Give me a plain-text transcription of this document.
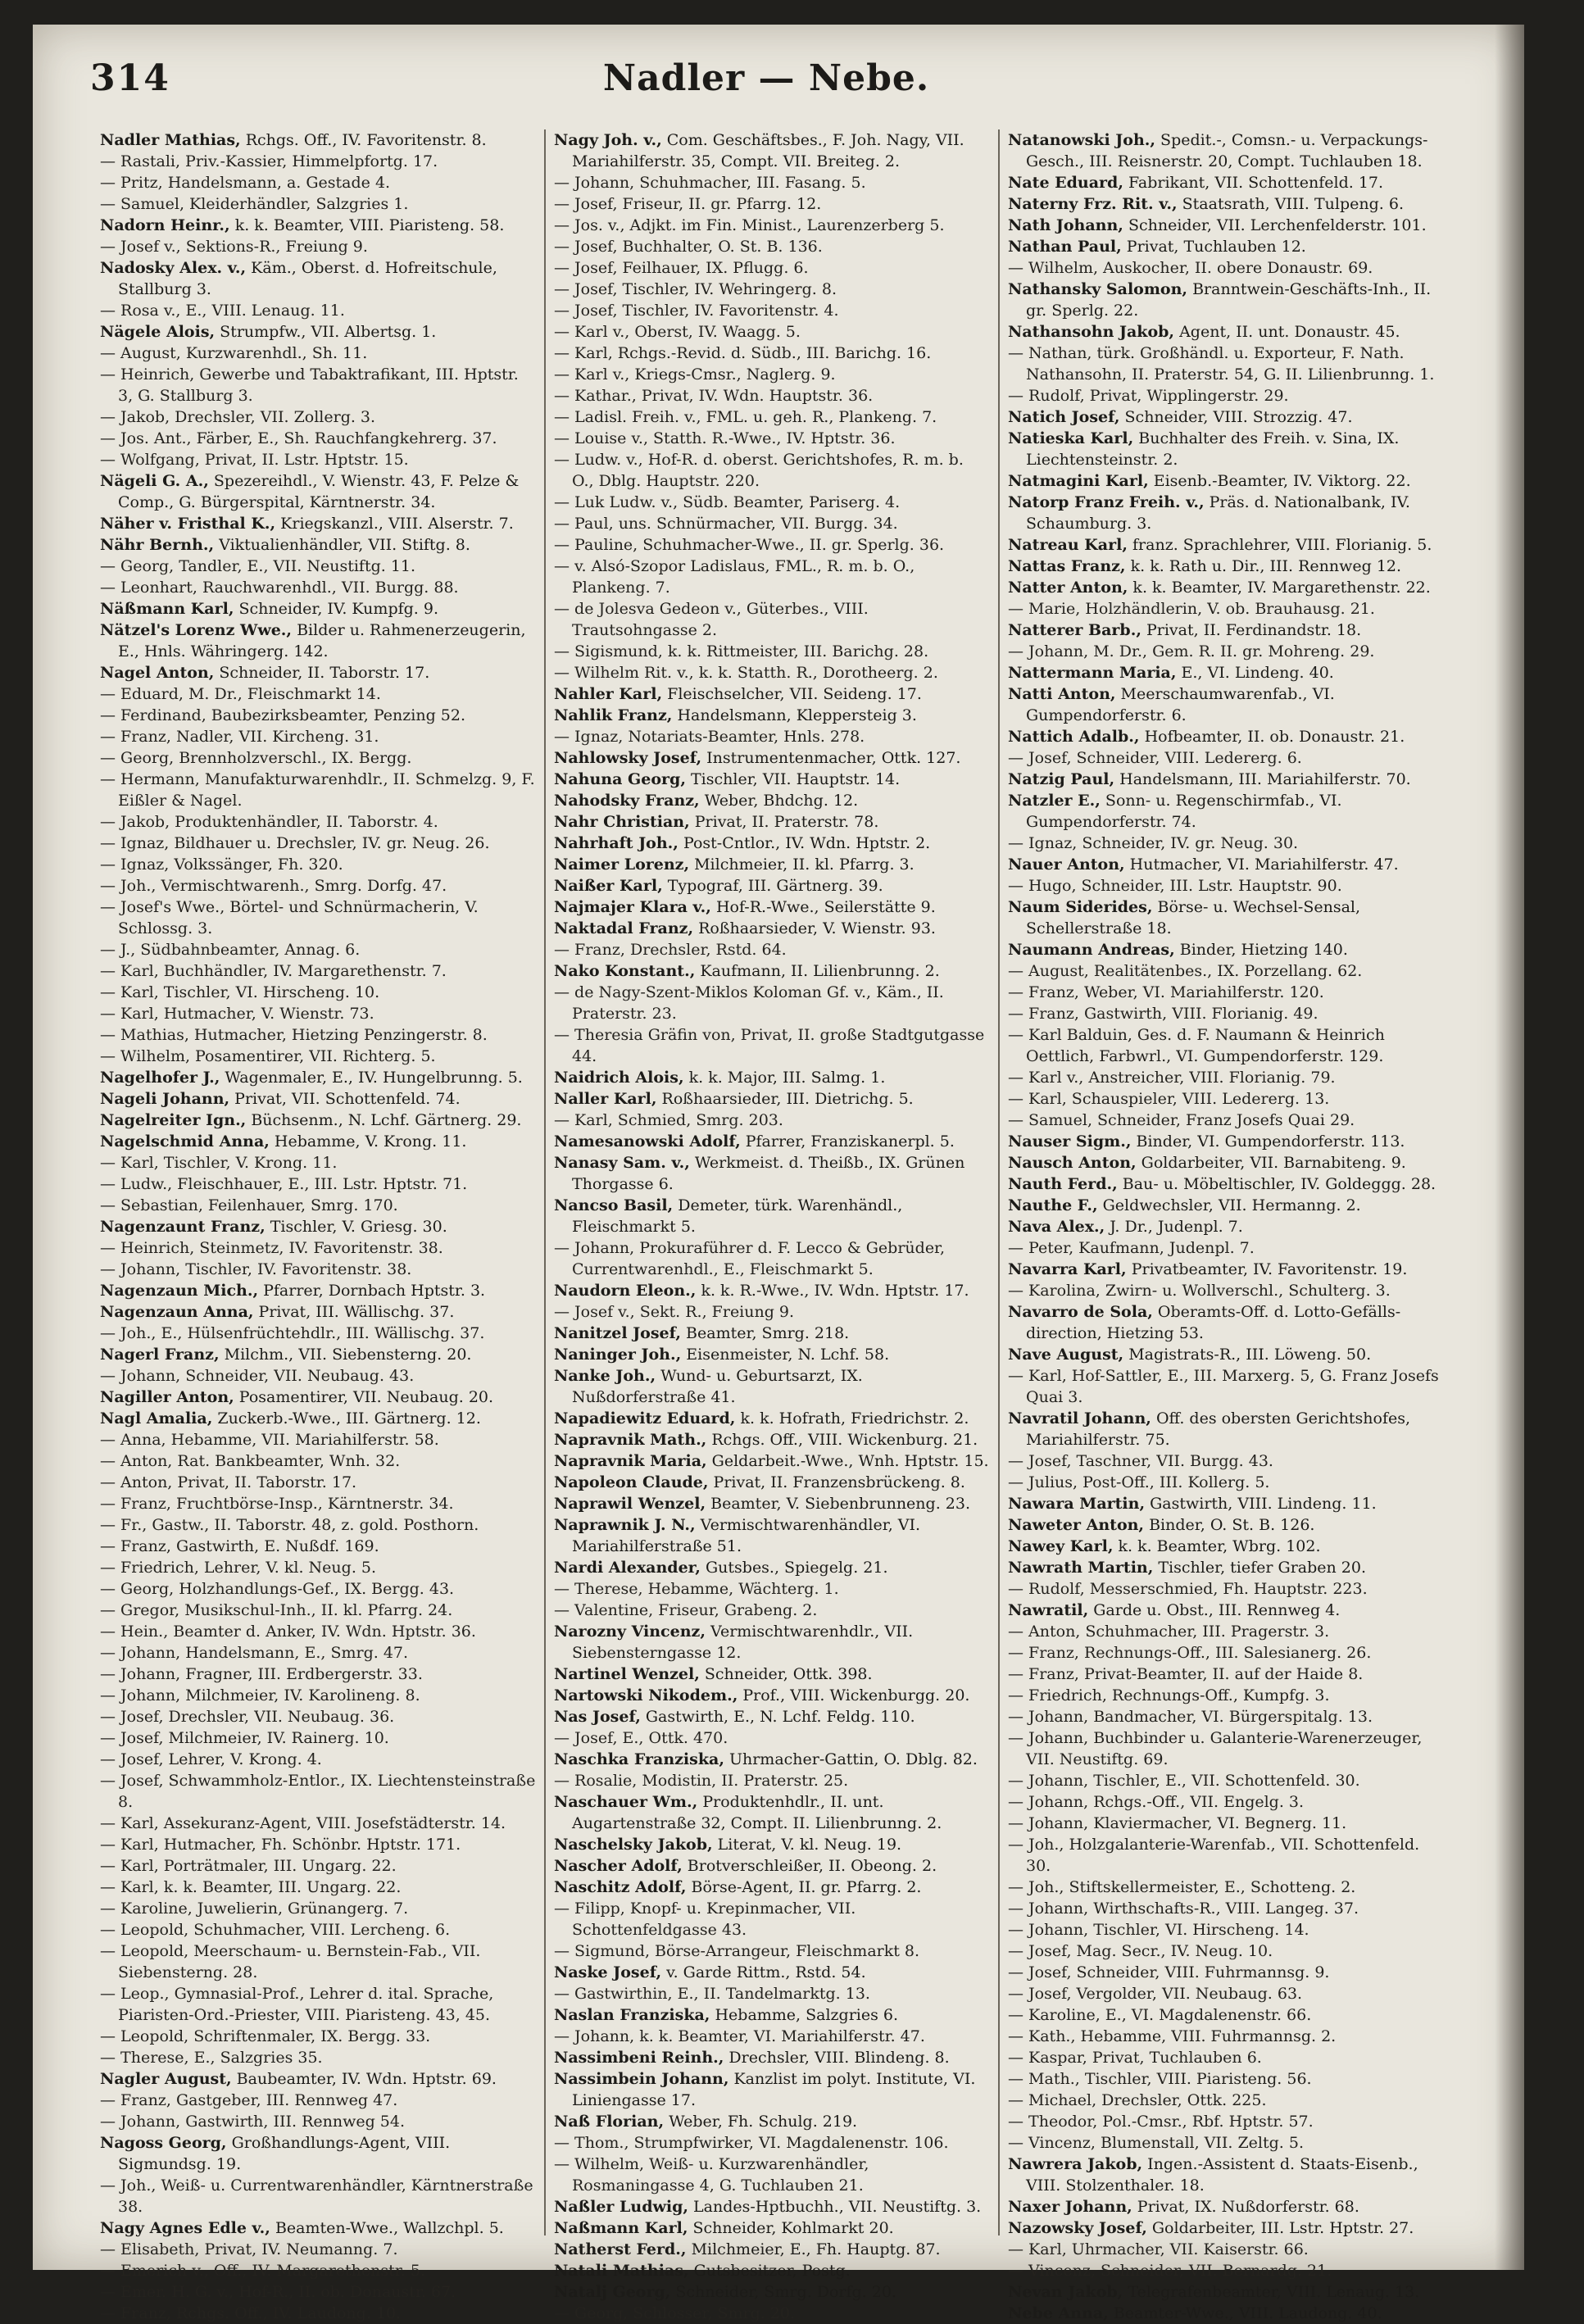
314	Nadler — Nebe.
Nadler Mathias, Rchgs. Off., IV. Favoritenstr. 8.
— Rastali, Priv.-Kassier, Himmelpfortg. 17.
— Pritz, Handelsmann, a. Gestade 4.
— Samuel, Kleiderhändler, Salzgries 1.
Nadorn Heinr., k. k. Beamter, VIII. Piaristeng. 58.
— Josef v., Sektions-R., Freiung 9.
Nadosky Alex. v., Käm., Oberst. d. Hofreitschule, Stallburg 3.
— Rosa v., E., VIII. Lenaug. 11.
Nägele Alois, Strumpfw., VII. Albertsg. 1.
— August, Kurzwarenhdl., Sh. 11.
— Heinrich, Gewerbe und Tabaktrafikant, III. Hptstr. 3, G. Stallburg 3.
— Jakob, Drechsler, VII. Zollerg. 3.
— Jos. Ant., Färber, E., Sh. Rauchfangkehrerg. 37.
— Wolfgang, Privat, II. Lstr. Hptstr. 15.
Nägeli G. A., Spezereihdl., V. Wienstr. 43, F. Pelze & Comp., G. Bürgerspital, Kärntnerstr. 34.
Näher v. Fristhal K., Kriegskanzl., VIII. Alserstr. 7.
Nähr Bernh., Viktualienhändler, VII. Stiftg. 8.
— Georg, Tandler, E., VII. Neustiftg. 11.
— Leonhart, Rauchwarenhdl., VII. Burgg. 88.
Näßmann Karl, Schneider, IV. Kumpfg. 9.
Nätzel's Lorenz Wwe., Bilder u. Rahmenerzeugerin, E., Hnls. Währingerg. 142.
Nagel Anton, Schneider, II. Taborstr. 17.
— Eduard, M. Dr., Fleischmarkt 14.
— Ferdinand, Baubezirksbeamter, Penzing 52.
— Franz, Nadler, VII. Kircheng. 31.
— Georg, Brennholzverschl., IX. Bergg.
— Hermann, Manufakturwarenhdlr., II. Schmelzg. 9, F. Eißler & Nagel.
— Jakob, Produktenhändler, II. Taborstr. 4.
— Ignaz, Bildhauer u. Drechsler, IV. gr. Neug. 26.
— Ignaz, Volkssänger, Fh. 320.
— Joh., Vermischtwarenh., Smrg. Dorfg. 47.
— Josef's Wwe., Börtel- und Schnürmacherin, V. Schlossg. 3.
— J., Südbahnbeamter, Annag. 6.
— Karl, Buchhändler, IV. Margarethenstr. 7.
— Karl, Tischler, VI. Hirscheng. 10.
— Karl, Hutmacher, V. Wienstr. 73.
— Mathias, Hutmacher, Hietzing Penzingerstr. 8.
— Wilhelm, Posamentirer, VII. Richterg. 5.
Nagelhofer J., Wagenmaler, E., IV. Hungelbrunng. 5.
Nageli Johann, Privat, VII. Schottenfeld. 74.
Nagelreiter Ign., Büchsenm., N. Lchf. Gärtnerg. 29.
Nagelschmid Anna, Hebamme, V. Krong. 11.
— Karl, Tischler, V. Krong. 11.
— Ludw., Fleischhauer, E., III. Lstr. Hptstr. 71.
— Sebastian, Feilenhauer, Smrg. 170.
Nagenzaunt Franz, Tischler, V. Griesg. 30.
— Heinrich, Steinmetz, IV. Favoritenstr. 38.
— Johann, Tischler, IV. Favoritenstr. 38.
Nagenzaun Mich., Pfarrer, Dornbach Hptstr. 3.
Nagenzaun Anna, Privat, III. Wällischg. 37.
— Joh., E., Hülsenfrüchtehdlr., III. Wällischg. 37.
Nagerl Franz, Milchm., VII. Siebensterng. 20.
— Johann, Schneider, VII. Neubaug. 43.
Nagiller Anton, Posamentirer, VII. Neubaug. 20.
Nagl Amalia, Zuckerb.-Wwe., III. Gärtnerg. 12.
— Anna, Hebamme, VII. Mariahilferstr. 58.
— Anton, Rat. Bankbeamter, Wnh. 32.
— Anton, Privat, II. Taborstr. 17.
— Franz, Fruchtbörse-Insp., Kärntnerstr. 34.
— Fr., Gastw., II. Taborstr. 48, z. gold. Posthorn.
— Franz, Gastwirth, E. Nußdf. 169.
— Friedrich, Lehrer, V. kl. Neug. 5.
— Georg, Holzhandlungs-Gef., IX. Bergg. 43.
— Gregor, Musikschul-Inh., II. kl. Pfarrg. 24.
— Hein., Beamter d. Anker, IV. Wdn. Hptstr. 36.
— Johann, Handelsmann, E., Smrg. 47.
— Johann, Fragner, III. Erdbergerstr. 33.
— Johann, Milchmeier, IV. Karolineng. 8.
— Josef, Drechsler, VII. Neubaug. 36.
— Josef, Milchmeier, IV. Rainerg. 10.
— Josef, Lehrer, V. Krong. 4.
— Josef, Schwammholz-Entlor., IX. Liechtensteinstraße 8.
— Karl, Assekuranz-Agent, VIII. Josefstädterstr. 14.
— Karl, Hutmacher, Fh. Schönbr. Hptstr. 171.
— Karl, Porträtmaler, III. Ungarg. 22.
— Karl, k. k. Beamter, III. Ungarg. 22.
— Karoline, Juwelierin, Grünangerg. 7.
— Leopold, Schuhmacher, VIII. Lercheng. 6.
— Leopold, Meerschaum- u. Bernstein-Fab., VII. Siebensterng. 28.
— Leop., Gymnasial-Prof., Lehrer d. ital. Sprache, Piaristen-Ord.-Priester, VIII. Piaristeng. 43, 45.
— Leopold, Schriftenmaler, IX. Bergg. 33.
— Therese, E., Salzgries 35.
Nagler August, Baubeamter, IV. Wdn. Hptstr. 69.
— Franz, Gastgeber, III. Rennweg 47.
— Johann, Gastwirth, III. Rennweg 54.
Nagoss Georg, Großhandlungs-Agent, VIII. Sigmundsg. 19.
— Joh., Weiß- u. Currentwarenhändler, Kärntnerstraße 38.
Nagy Agnes Edle v., Beamten-Wwe., Wallzchpl. 5.
— Elisabeth, Privat, IV. Neumanng. 7.
— Emerich v., Off., IV. Margarethenstr. 5.
— Emer. H. G. v., Hof-R., II. ob. Donaustr. 67.
— Franz, Rchgs. Off., IV. Laudong. 10.
Nagy Joh. v., Com. Geschäftsbes., F. Joh. Nagy, VII. Mariahilferstr. 35, Compt. VII. Breiteg. 2.
— Johann, Schuhmacher, III. Fasang. 5.
— Josef, Friseur, II. gr. Pfarrg. 12.
— Jos. v., Adjkt. im Fin. Minist., Laurenzerberg 5.
— Josef, Buchhalter, O. St. B. 136.
— Josef, Feilhauer, IX. Pflugg. 6.
— Josef, Tischler, IV. Wehringerg. 8.
— Josef, Tischler, IV. Favoritenstr. 4.
— Karl v., Oberst, IV. Waagg. 5.
— Karl, Rchgs.-Revid. d. Südb., III. Barichg. 16.
— Karl v., Kriegs-Cmsr., Naglerg. 9.
— Kathar., Privat, IV. Wdn. Hauptstr. 36.
— Ladisl. Freih. v., FML. u. geh. R., Plankeng. 7.
— Louise v., Statth. R.-Wwe., IV. Hptstr. 36.
— Ludw. v., Hof-R. d. oberst. Gerichtshofes, R. m. b. O., Dblg. Hauptstr. 220.
— Luk Ludw. v., Südb. Beamter, Pariserg. 4.
— Paul, uns. Schnürmacher, VII. Burgg. 34.
— Pauline, Schuhmacher-Wwe., II. gr. Sperlg. 36.
— v. Alsó-Szopor Ladislaus, FML., R. m. b. O., Plankeng. 7.
— de Jolesva Gedeon v., Güterbes., VIII. Trautsohngasse 2.
— Sigismund, k. k. Rittmeister, III. Barichg. 28.
— Wilhelm Rit. v., k. k. Statth. R., Dorotheerg. 2.
Nahler Karl, Fleischselcher, VII. Seideng. 17.
Nahlik Franz, Handelsmann, Kleppersteig 3.
— Ignaz, Notariats-Beamter, Hnls. 278.
Nahlowsky Josef, Instrumentenmacher, Ottk. 127.
Nahuna Georg, Tischler, VII. Hauptstr. 14.
Nahodsky Franz, Weber, Bhdchg. 12.
Nahr Christian, Privat, II. Praterstr. 78.
Nahrhaft Joh., Post-Cntlor., IV. Wdn. Hptstr. 2.
Naimer Lorenz, Milchmeier, II. kl. Pfarrg. 3.
Naißer Karl, Typograf, III. Gärtnerg. 39.
Najmajer Klara v., Hof-R.-Wwe., Seilerstätte 9.
Naktadal Franz, Roßhaarsieder, V. Wienstr. 93.
— Franz, Drechsler, Rstd. 64.
Nako Konstant., Kaufmann, II. Lilienbrunng. 2.
— de Nagy-Szent-Miklos Koloman Gf. v., Käm., II. Praterstr. 23.
— Theresia Gräfin von, Privat, II. große Stadtgutgasse 44.
Naidrich Alois, k. k. Major, III. Salmg. 1.
Naller Karl, Roßhaarsieder, III. Dietrichg. 5.
— Karl, Schmied, Smrg. 203.
Namesanowski Adolf, Pfarrer, Franziskanerpl. 5.
Nanasy Sam. v., Werkmeist. d. Theißb., IX. Grünen Thorgasse 6.
Nancso Basil, Demeter, türk. Warenhändl., Fleischmarkt 5.
— Johann, Prokuraführer d. F. Lecco & Gebrüder, Currentwarenhdl., E., Fleischmarkt 5.
Naudorn Eleon., k. k. R.-Wwe., IV. Wdn. Hptstr. 17.
— Josef v., Sekt. R., Freiung 9.
Nanitzel Josef, Beamter, Smrg. 218.
Naninger Joh., Eisenmeister, N. Lchf. 58.
Nanke Joh., Wund- u. Geburtsarzt, IX. Nußdorferstraße 41.
Napadiewitz Eduard, k. k. Hofrath, Friedrichstr. 2.
Napravnik Math., Rchgs. Off., VIII. Wickenburg. 21.
Napravnik Maria, Geldarbeit.-Wwe., Wnh. Hptstr. 15.
Napoleon Claude, Privat, II. Franzensbrückeng. 8.
Naprawil Wenzel, Beamter, V. Siebenbrunneng. 23.
Naprawnik J. N., Vermischtwarenhändler, VI. Mariahilferstraße 51.
Nardi Alexander, Gutsbes., Spiegelg. 21.
— Therese, Hebamme, Wächterg. 1.
— Valentine, Friseur, Grabeng. 2.
Narozny Vincenz, Vermischtwarenhdlr., VII. Siebensterngasse 12.
Nartinel Wenzel, Schneider, Ottk. 398.
Nartowski Nikodem., Prof., VIII. Wickenburgg. 20.
Nas Josef, Gastwirth, E., N. Lchf. Feldg. 110.
— Josef, E., Ottk. 470.
Naschka Franziska, Uhrmacher-Gattin, O. Dblg. 82.
— Rosalie, Modistin, II. Praterstr. 25.
Naschauer Wm., Produktenhdlr., II. unt. Augartenstraße 32, Compt. II. Lilienbrunng. 2.
Naschelsky Jakob, Literat, V. kl. Neug. 19.
Nascher Adolf, Brotverschleißer, II. Obeong. 2.
Naschitz Adolf, Börse-Agent, II. gr. Pfarrg. 2.
— Filipp, Knopf- u. Krepinmacher, VII. Schottenfeldgasse 43.
— Sigmund, Börse-Arrangeur, Fleischmarkt 8.
Naske Josef, v. Garde Rittm., Rstd. 54.
— Gastwirthin, E., II. Tandelmarktg. 13.
Naslan Franziska, Hebamme, Salzgries 6.
— Johann, k. k. Beamter, VI. Mariahilferstr. 47.
Nassimbeni Reinh., Drechsler, VIII. Blindeng. 8.
Nassimbein Johann, Kanzlist im polyt. Institute, VI. Liniengasse 17.
Naß Florian, Weber, Fh. Schulg. 219.
— Thom., Strumpfwirker, VI. Magdalenenstr. 106.
— Wilhelm, Weiß- u. Kurzwarenhändler, Rosmaningasse 4, G. Tuchlauben 21.
Naßler Ludwig, Landes-Hptbuchh., VII. Neustiftg. 3.
Naßmann Karl, Schneider, Kohlmarkt 20.
Natherst Ferd., Milchmeier, E., Fh. Hauptg. 87.
Natali Mathias, Gutsbesitzer, Postg.
Natalj Georg, Schneider, Smrg. Dorfg. 20.
— Georg, Schlosser, Smrg. 20.
Natanowski Joh., Spedit.-, Comsn.- u. Verpackungs-Gesch., III. Reisnerstr. 20, Compt. Tuchlauben 18.
Nate Eduard, Fabrikant, VII. Schottenfeld. 17.
Naterny Frz. Rit. v., Staatsrath, VIII. Tulpeng. 6.
Nath Johann, Schneider, VII. Lerchenfelderstr. 101.
Nathan Paul, Privat, Tuchlauben 12.
— Wilhelm, Auskocher, II. obere Donaustr. 69.
Nathansky Salomon, Branntwein-Geschäfts-Inh., II. gr. Sperlg. 22.
Nathansohn Jakob, Agent, II. unt. Donaustr. 45.
— Nathan, türk. Großhändl. u. Exporteur, F. Nath. Nathansohn, II. Praterstr. 54, G. II. Lilienbrunng. 1.
— Rudolf, Privat, Wipplingerstr. 29.
Natich Josef, Schneider, VIII. Strozzig. 47.
Natieska Karl, Buchhalter des Freih. v. Sina, IX. Liechtensteinstr. 2.
Natmagini Karl, Eisenb.-Beamter, IV. Viktorg. 22.
Natorp Franz Freih. v., Präs. d. Nationalbank, IV. Schaumburg. 3.
Natreau Karl, franz. Sprachlehrer, VIII. Florianig. 5.
Nattas Franz, k. k. Rath u. Dir., III. Rennweg 12.
Natter Anton, k. k. Beamter, IV. Margarethenstr. 22.
— Marie, Holzhändlerin, V. ob. Brauhausg. 21.
Natterer Barb., Privat, II. Ferdinandstr. 18.
— Johann, M. Dr., Gem. R. II. gr. Mohreng. 29.
Nattermann Maria, E., VI. Lindeng. 40.
Natti Anton, Meerschaumwarenfab., VI. Gumpendorferstr. 6.
Nattich Adalb., Hofbeamter, II. ob. Donaustr. 21.
— Josef, Schneider, VIII. Ledererg. 6.
Natzig Paul, Handelsmann, III. Mariahilferstr. 70.
Natzler E., Sonn- u. Regenschirmfab., VI. Gumpendorferstr. 74.
— Ignaz, Schneider, IV. gr. Neug. 30.
Nauer Anton, Hutmacher, VI. Mariahilferstr. 47.
— Hugo, Schneider, III. Lstr. Hauptstr. 90.
Naum Siderides, Börse- u. Wechsel-Sensal, Schellerstraße 18.
Naumann Andreas, Binder, Hietzing 140.
— August, Realitätenbes., IX. Porzellang. 62.
— Franz, Weber, VI. Mariahilferstr. 120.
— Franz, Gastwirth, VIII. Florianig. 49.
— Karl Balduin, Ges. d. F. Naumann & Heinrich Oettlich, Farbwrl., VI. Gumpendorferstr. 129.
— Karl v., Anstreicher, VIII. Florianig. 79.
— Karl, Schauspieler, VIII. Ledererg. 13.
— Samuel, Schneider, Franz Josefs Quai 29.
Nauser Sigm., Binder, VI. Gumpendorferstr. 113.
Nausch Anton, Goldarbeiter, VII. Barnabiteng. 9.
Nauth Ferd., Bau- u. Möbeltischler, IV. Goldeggg. 28.
Nauthe F., Geldwechsler, VII. Hermanng. 2.
Nava Alex., J. Dr., Judenpl. 7.
— Peter, Kaufmann, Judenpl. 7.
Navarra Karl, Privatbeamter, IV. Favoritenstr. 19.
— Karolina, Zwirn- u. Wollverschl., Schulterg. 3.
Navarro de Sola, Oberamts-Off. d. Lotto-Gefälls-direction, Hietzing 53.
Nave August, Magistrats-R., III. Löweng. 50.
— Karl, Hof-Sattler, E., III. Marxerg. 5, G. Franz Josefs Quai 3.
Navratil Johann, Off. des obersten Gerichtshofes, Mariahilferstr. 75.
— Josef, Taschner, VII. Burgg. 43.
— Julius, Post-Off., III. Kollerg. 5.
Nawara Martin, Gastwirth, VIII. Lindeng. 11.
Naweter Anton, Binder, O. St. B. 126.
Nawey Karl, k. k. Beamter, Wbrg. 102.
Nawrath Martin, Tischler, tiefer Graben 20.
— Rudolf, Messerschmied, Fh. Hauptstr. 223.
Nawratil, Garde u. Obst., III. Rennweg 4.
— Anton, Schuhmacher, III. Pragerstr. 3.
— Franz, Rechnungs-Off., III. Salesianerg. 26.
— Franz, Privat-Beamter, II. auf der Haide 8.
— Friedrich, Rechnungs-Off., Kumpfg. 3.
— Johann, Bandmacher, VI. Bürgerspitalg. 13.
— Johann, Buchbinder u. Galanterie-Warenerzeuger, VII. Neustiftg. 69.
— Johann, Tischler, E., VII. Schottenfeld. 30.
— Johann, Rchgs.-Off., VII. Engelg. 3.
— Johann, Klaviermacher, VI. Begnerg. 11.
— Joh., Holzgalanterie-Warenfab., VII. Schottenfeld. 30.
— Joh., Stiftskellermeister, E., Schotteng. 2.
— Johann, Wirthschafts-R., VIII. Langeg. 37.
— Johann, Tischler, VI. Hirscheng. 14.
— Josef, Mag. Secr., IV. Neug. 10.
— Josef, Schneider, VIII. Fuhrmannsg. 9.
— Josef, Vergolder, VII. Neubaug. 63.
— Karoline, E., VI. Magdalenenstr. 66.
— Kath., Hebamme, VIII. Fuhrmannsg. 2.
— Kaspar, Privat, Tuchlauben 6.
— Math., Tischler, VIII. Piaristeng. 56.
— Michael, Drechsler, Ottk. 225.
— Theodor, Pol.-Cmsr., Rbf. Hptstr. 57.
— Vincenz, Blumenstall, VII. Zeltg. 5.
Nawrera Jakob, Ingen.-Assistent d. Staats-Eisenb., VIII. Stolzenthaler. 18.
Naxer Johann, Privat, IX. Nußdorferstr. 68.
Nazowsky Josef, Goldarbeiter, III. Lstr. Hptstr. 27.
— Karl, Uhrmacher, VII. Kaiserstr. 66.
— Vincenz, Schneider, VII. Bernardg. 21.
Nevan Jakob, Telegrafenbeamter, VIII. Lenaug. 13.
Nebe Anna, Beamter-Wwe., VIII. Laudong. 40.
